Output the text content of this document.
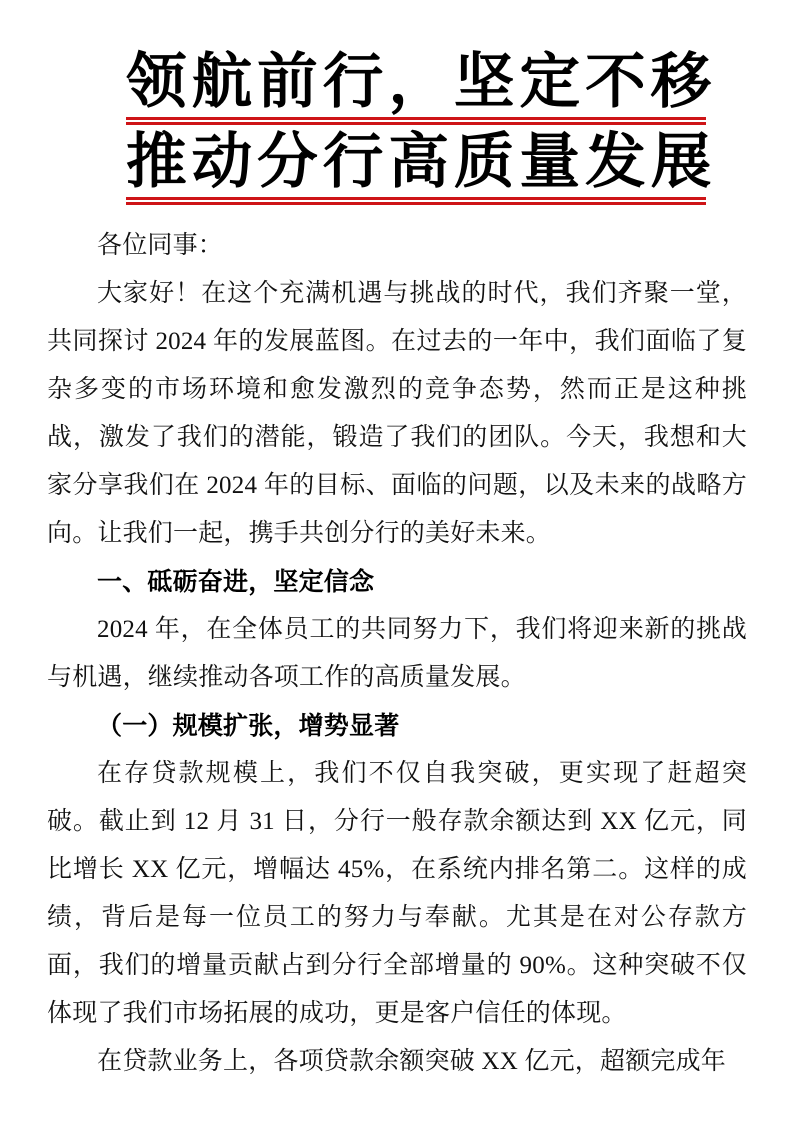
领航前行，坚定不移
推动分行高质量发展

各位同事：

大家好！在这个充满机遇与挑战的时代，我们齐聚一堂，共同探讨 2024 年的发展蓝图。在过去的一年中，我们面临了复杂多变的市场环境和愈发激烈的竞争态势，然而正是这种挑战，激发了我们的潜能，锻造了我们的团队。今天，我想和大家分享我们在 2024 年的目标、面临的问题，以及未来的战略方向。让我们一起，携手共创分行的美好未来。

一、砥砺奋进，坚定信念

2024 年，在全体员工的共同努力下，我们将迎来新的挑战与机遇，继续推动各项工作的高质量发展。

（一）规模扩张，增势显著

在存贷款规模上，我们不仅自我突破，更实现了赶超突破。截止到 12 月 31 日，分行一般存款余额达到 XX 亿元，同比增长 XX 亿元，增幅达 45%，在系统内排名第二。这样的成绩，背后是每一位员工的努力与奉献。尤其是在对公存款方面，我们的增量贡献占到分行全部增量的 90%。这种突破不仅体现了我们市场拓展的成功，更是客户信任的体现。

在贷款业务上，各项贷款余额突破 XX 亿元，超额完成年
